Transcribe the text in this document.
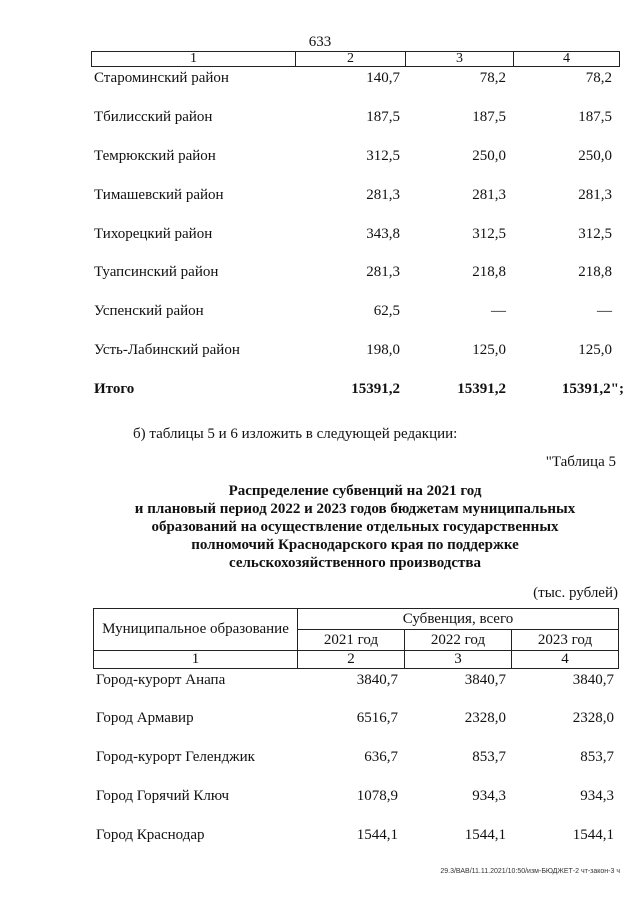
633
1	2	3	4
Староминский район	140,7	78,2	78,2
Тбилисский район	187,5	187,5	187,5
Темрюкский район	312,5	250,0	250,0
Тимашевский район	281,3	281,3	281,3
Тихорецкий район	343,8	312,5	312,5
Туапсинский район	281,3	218,8	218,8
Успенский район	62,5	—	—
Усть-Лабинский район	198,0	125,0	125,0
Итого	15391,2	15391,2	15391,2";
б) таблицы 5 и 6 изложить в следующей редакции:
"Таблица 5
Распределение субвенций на 2021 год
и плановый период 2022 и 2023 годов бюджетам муниципальных
образований на осуществление отдельных государственных
полномочий Краснодарского края по поддержке
сельскохозяйственного производства
(тыс. рублей)
Муниципальное образование	Субвенция, всего		
	2021 год	2022 год	2023 год
1	2	3	4
Город-курорт Анапа	3840,7	3840,7	3840,7
Город Армавир	6516,7	2328,0	2328,0
Город-курорт Геленджик	636,7	853,7	853,7
Город Горячий Ключ	1078,9	934,3	934,3
Город Краснодар	1544,1	1544,1	1544,1
29.3/ВАВ/11.11.2021/10:50/изм-БЮДЖЕТ-2 чт-закон-3 ч
